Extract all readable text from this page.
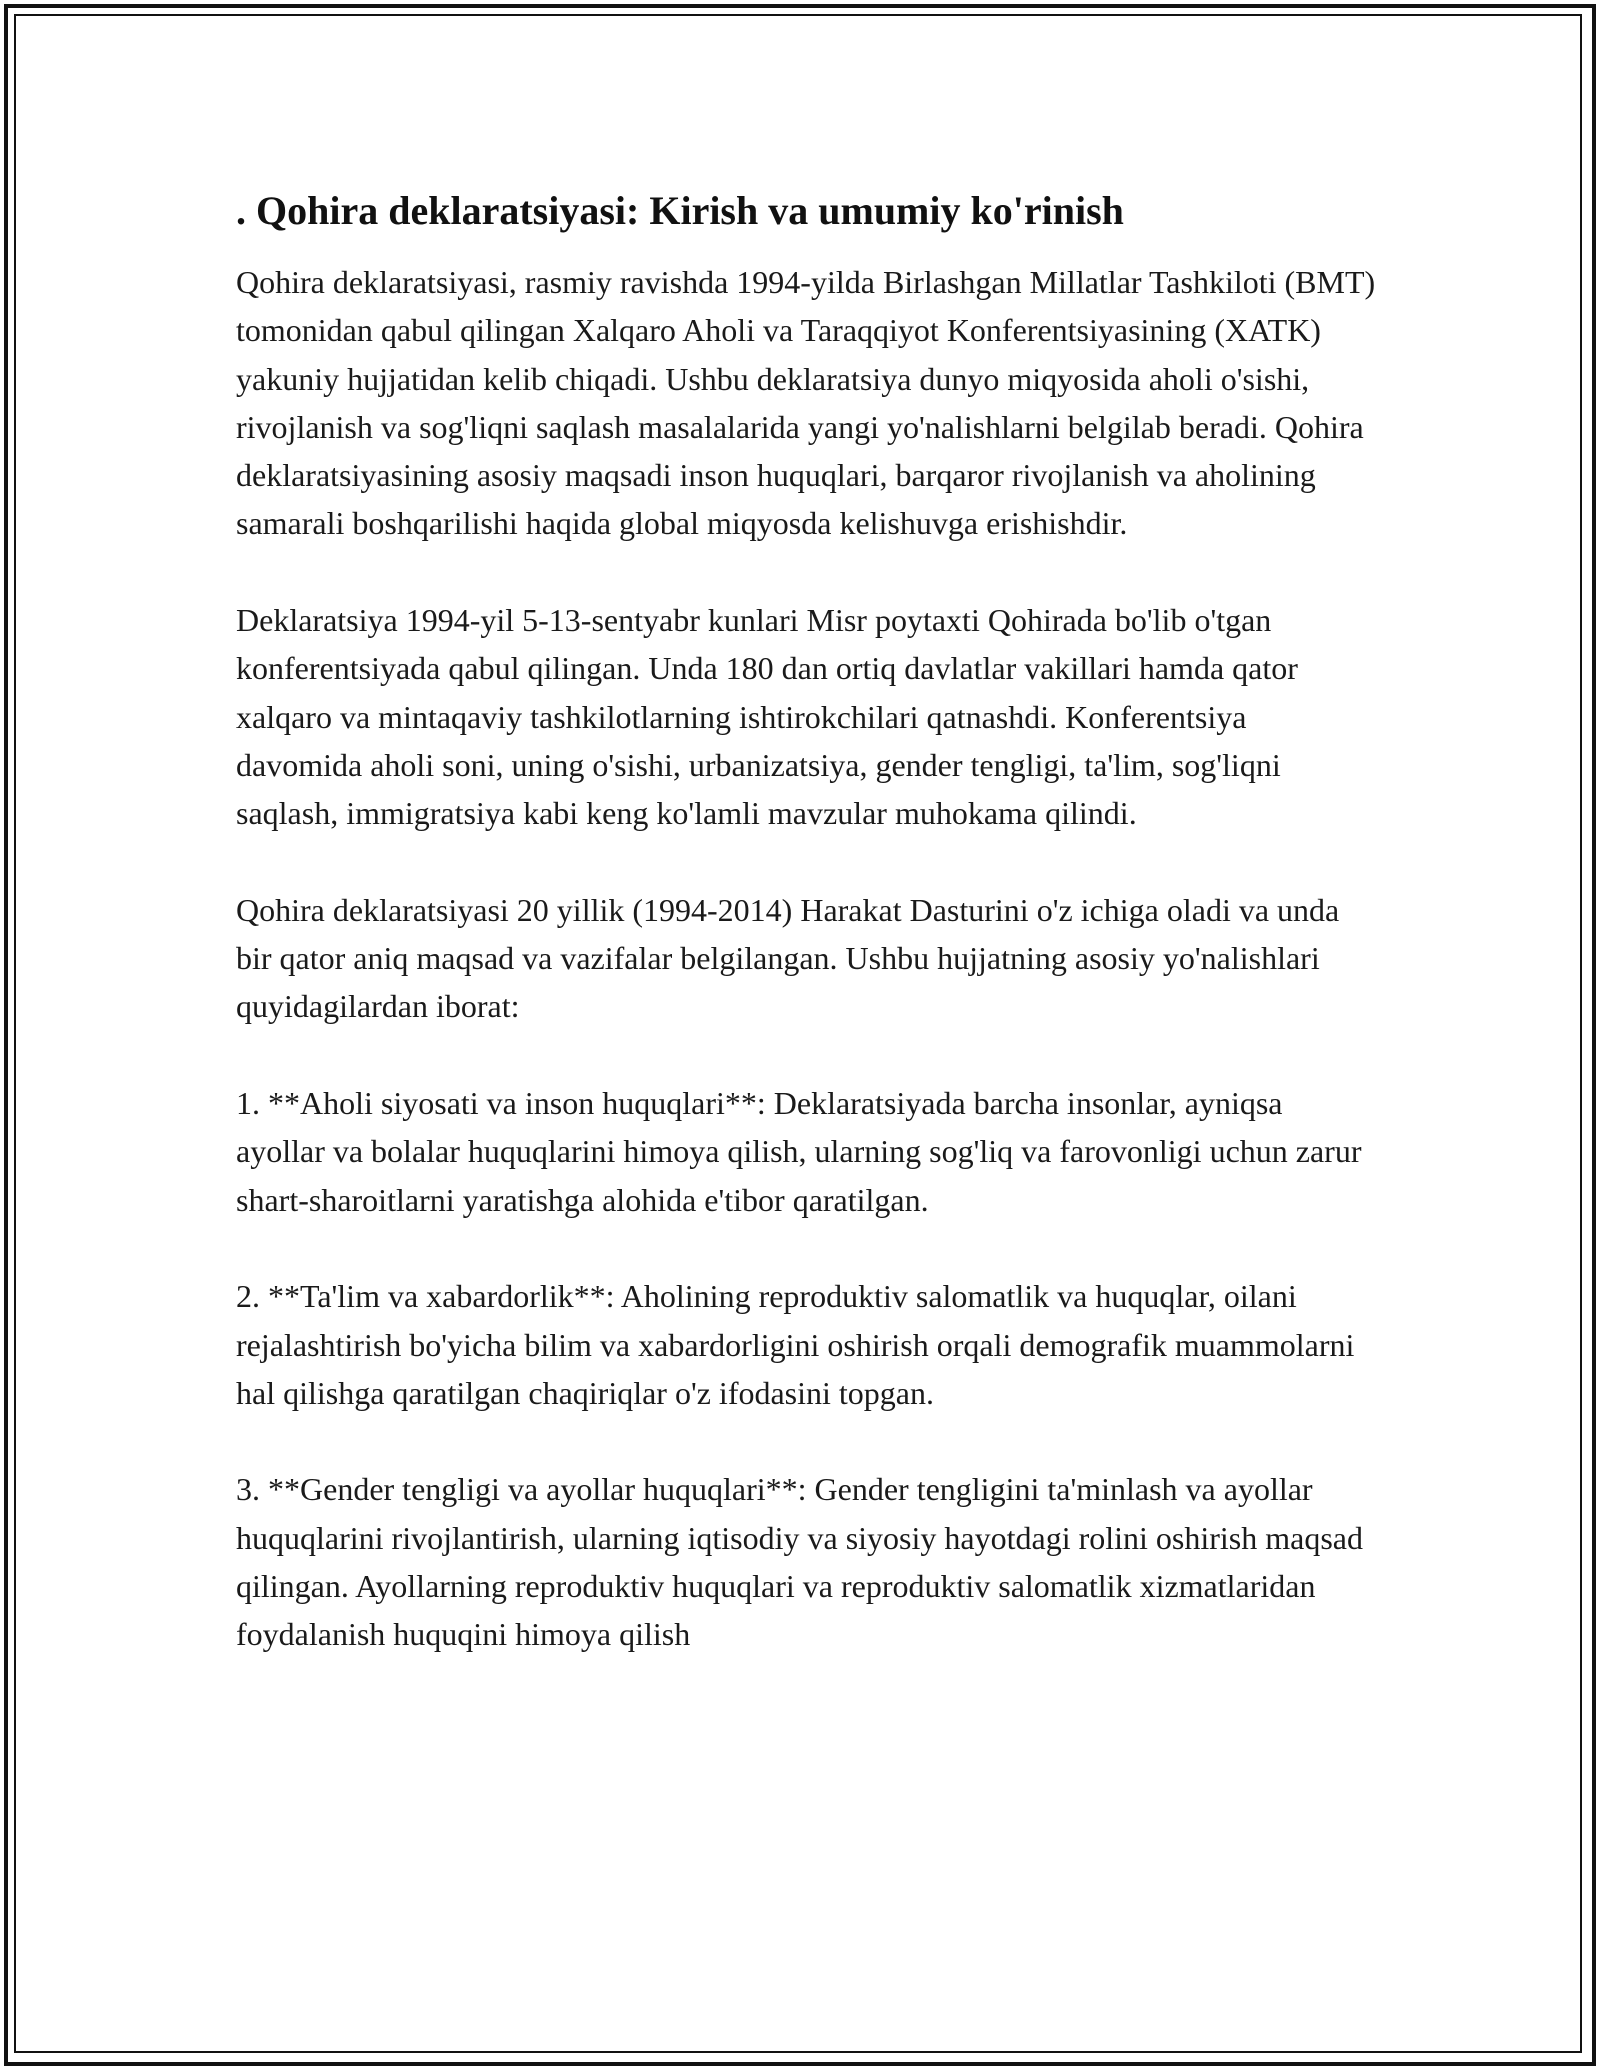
. Qohira deklaratsiyasi: Kirish va umumiy ko'rinish

Qohira deklaratsiyasi, rasmiy ravishda 1994-yilda Birlashgan Millatlar Tashkiloti (BMT) tomonidan qabul qilingan Xalqaro Aholi va Taraqqiyot Konferentsiyasining (XATK) yakuniy hujjatidan kelib chiqadi. Ushbu deklaratsiya dunyo miqyosida aholi o'sishi, rivojlanish va sog'liqni saqlash masalalarida yangi yo'nalishlarni belgilab beradi. Qohira deklaratsiyasining asosiy maqsadi inson huquqlari, barqaror rivojlanish va aholining samarali boshqarilishi haqida global miqyosda kelishuvga erishishdir.

Deklaratsiya 1994-yil 5-13-sentyabr kunlari Misr poytaxti Qohirada bo'lib o'tgan konferentsiyada qabul qilingan. Unda 180 dan ortiq davlatlar vakillari hamda qator xalqaro va mintaqaviy tashkilotlarning ishtirokchilari qatnashdi. Konferentsiya davomida aholi soni, uning o'sishi, urbanizatsiya, gender tengligi, ta'lim, sog'liqni saqlash, immigratsiya kabi keng ko'lamli mavzular muhokama qilindi.

Qohira deklaratsiyasi 20 yillik (1994-2014) Harakat Dasturini o'z ichiga oladi va unda bir qator aniq maqsad va vazifalar belgilangan. Ushbu hujjatning asosiy yo'nalishlari quyidagilardan iborat:

1. **Aholi siyosati va inson huquqlari**: Deklaratsiyada barcha insonlar, ayniqsa ayollar va bolalar huquqlarini himoya qilish, ularning sog'liq va farovonligi uchun zarur shart-sharoitlarni yaratishga alohida e'tibor qaratilgan.

2. **Ta'lim va xabardorlik**: Aholining reproduktiv salomatlik va huquqlar, oilani rejalashtirish bo'yicha bilim va xabardorligini oshirish orqali demografik muammolarni hal qilishga qaratilgan chaqiriqlar o'z ifodasini topgan.

3. **Gender tengligi va ayollar huquqlari**: Gender tengligini ta'minlash va ayollar huquqlarini rivojlantirish, ularning iqtisodiy va siyosiy hayotdagi rolini oshirish maqsad qilingan. Ayollarning reproduktiv huquqlari va reproduktiv salomatlik xizmatlaridan foydalanish huquqini himoya qilish
